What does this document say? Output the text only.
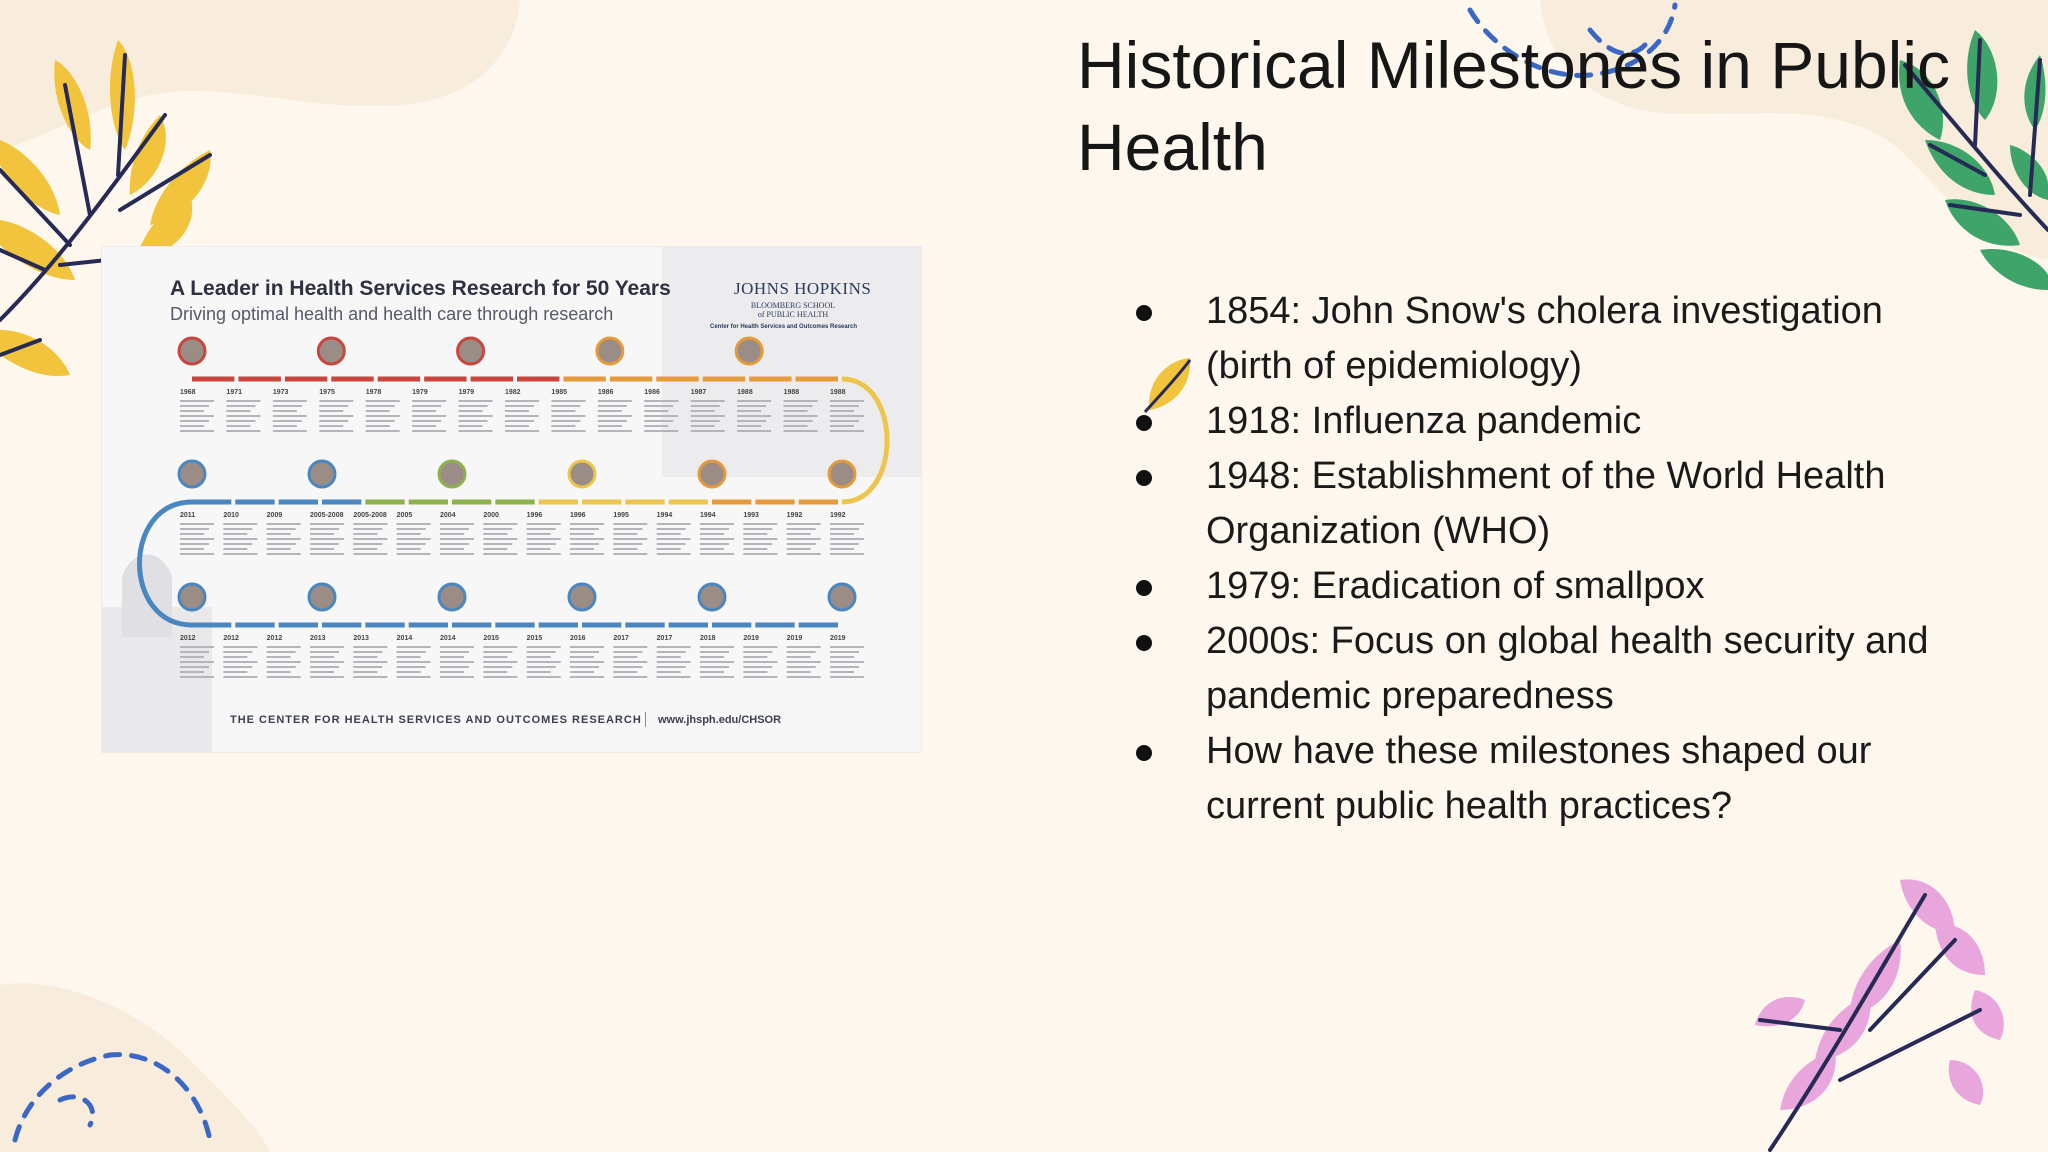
1968	1971	1973	1975	1978	1979	1979	1982	1985	1986	1986	1987	1988	1988	1988
2011	2010	2009	2005-2008 2005-2008 2005	2004	2000	1996	1996	1995	1994	1994	1993	1992	1992
2012	2012	2012	2013	2013	2014	2014	2015	2015	2016	2017	2017	2018	2019	2019	2019
A Leader in Health Services Research for 50 Years
Driving optimal health and health care through research
JOHNS HOPKINS
BLOOMBERG SCHOOL of PUBLIC HEALTH
Center for Health Services and Outcomes Research
THE CENTER FOR HEALTH SERVICES AND OUTCOMES RESEARCH www.jhsph.edu/CHSOR
Historical Milestones in Public Health
1854: John Snow's cholera investigation (birth of epidemiology)
1918: Influenza pandemic
1948: Establishment of the World Health Organization (WHO)
1979: Eradication of smallpox
2000s: Focus on global health security and pandemic preparedness
How have these milestones shaped our current public health practices?
